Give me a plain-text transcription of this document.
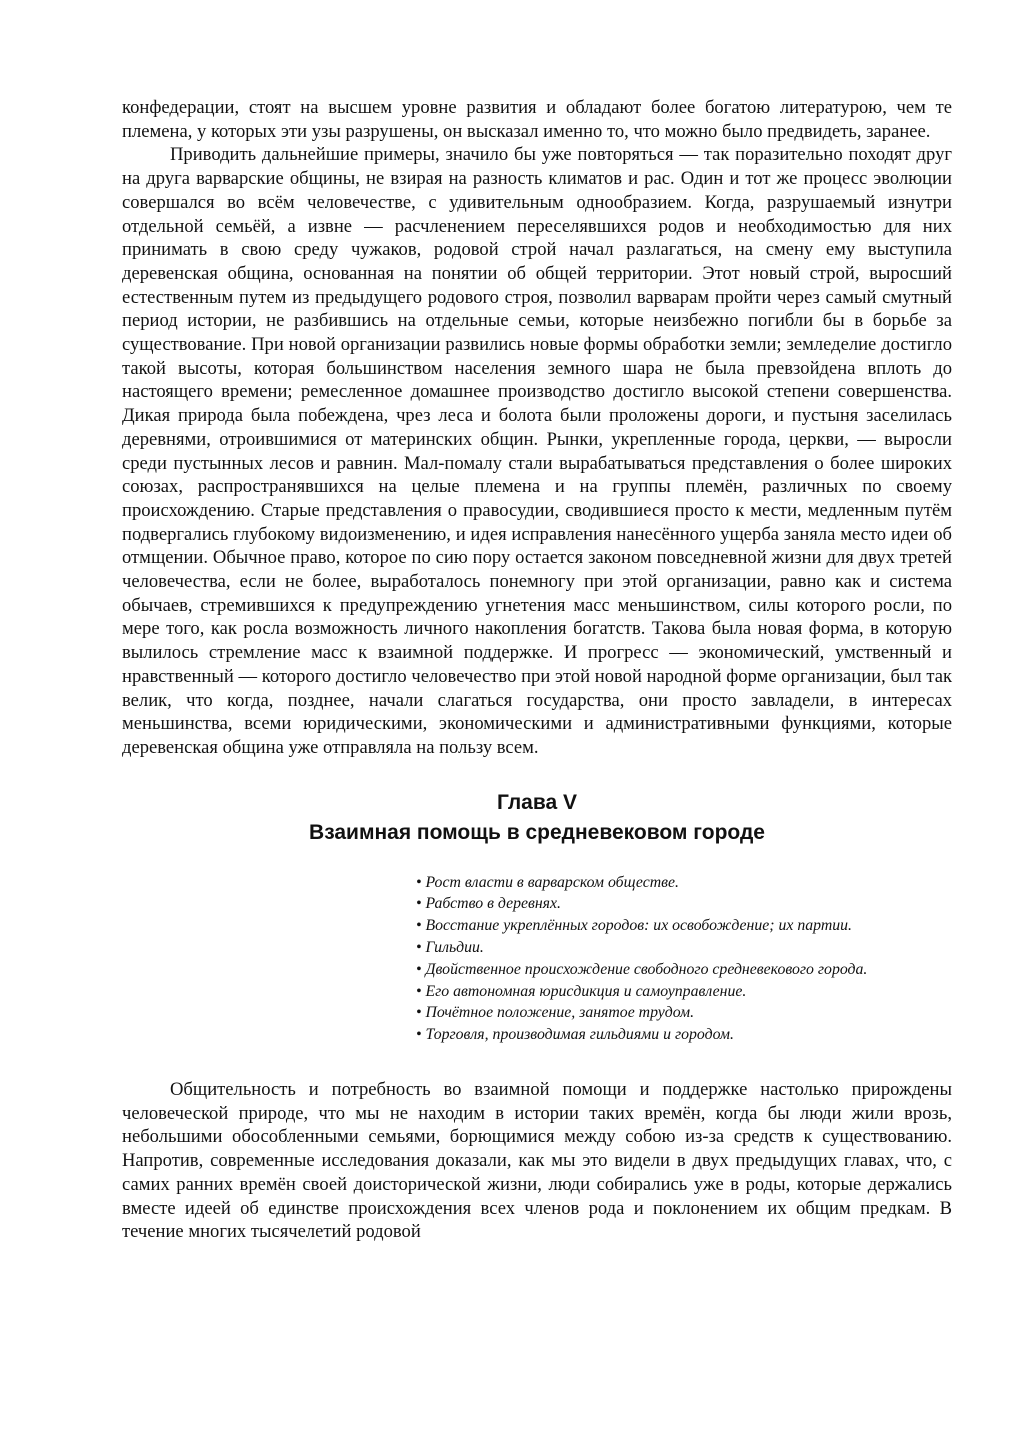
конфедерации, стоят на высшем уровне развития и обладают более богатою литературою, чем те племена, у которых эти узы разрушены, он высказал именно то, что можно было предвидеть, заранее.

Приводить дальнейшие примеры, значило бы уже повторяться — так поразительно походят друг на друга варварские общины, не взирая на разность климатов и рас. Один и тот же процесс эволюции совершался во всём человечестве, с удивительным однообразием. Когда, разрушаемый изнутри отдельной семьёй, а извне — расчленением переселявшихся родов и необходимостью для них принимать в свою среду чужаков, родовой строй начал разлагаться, на смену ему выступила деревенская община, основанная на понятии об общей территории. Этот новый строй, выросший естественным путем из предыдущего родового строя, позволил варварам пройти через самый смутный период истории, не разбившись на отдельные семьи, которые неизбежно погибли бы в борьбе за существование. При новой организации развились новые формы обработки земли; земледелие достигло такой высоты, которая большинством населения земного шара не была превзойдена вплоть до настоящего времени; ремесленное домашнее производство достигло высокой степени совершенства. Дикая природа была побеждена, чрез леса и болота были проложены дороги, и пустыня заселилась деревнями, отроившимися от материнских общин. Рынки, укрепленные города, церкви, — выросли среди пустынных лесов и равнин. Мал-помалу стали вырабатываться представления о более широких союзах, распространявшихся на целые племена и на группы племён, различных по своему происхождению. Старые представления о правосудии, сводившиеся просто к мести, медленным путём подвергались глубокому видоизменению, и идея исправления нанесённого ущерба заняла место идеи об отмщении. Обычное право, которое по сию пору остается законом повседневной жизни для двух третей человечества, если не более, выработалось понемногу при этой организации, равно как и система обычаев, стремившихся к предупреждению угнетения масс меньшинством, силы которого росли, по мере того, как росла возможность личного накопления богатств. Такова была новая форма, в которую вылилось стремление масс к взаимной поддержке. И прогресс — экономический, умственный и нравственный — которого достигло человечество при этой новой народной форме организации, был так велик, что когда, позднее, начали слагаться государства, они просто завладели, в интересах меньшинства, всеми юридическими, экономическими и административными функциями, которые деревенская община уже отправляла на пользу всем.

Глава V
Взаимная помощь в средневековом городе

• Рост власти в варварском обществе.

• Рабство в деревнях.

• Восстание укреплённых городов: их освобождение; их партии.

• Гильдии.

• Двойственное происхождение свободного средневекового города.

• Его автономная юрисдикция и самоуправление.

• Почётное положение, занятое трудом.

• Торговля, производимая гильдиями и городом.

Общительность и потребность во взаимной помощи и поддержке настолько прирождены человеческой природе, что мы не находим в истории таких времён, когда бы люди жили врозь, небольшими обособленными семьями, борющимися между собою из-за средств к существованию. Напротив, современные исследования доказали, как мы это видели в двух предыдущих главах, что, с самих ранних времён своей доисторической жизни, люди собирались уже в роды, которые держались вместе идеей об единстве происхождения всех членов рода и поклонением их общим предкам. В течение многих тысячелетий родовой
